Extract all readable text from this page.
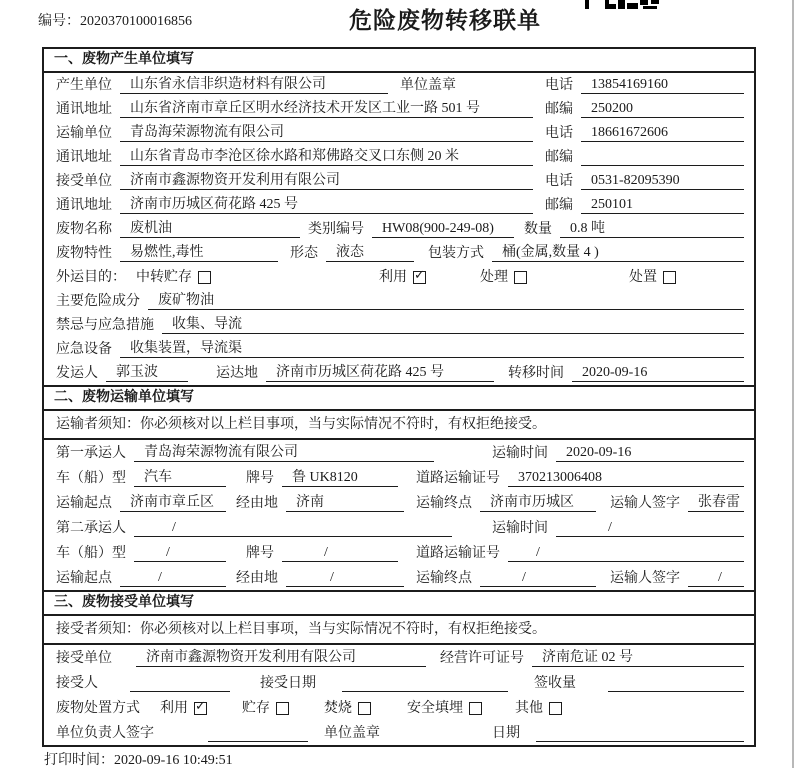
编号：2020370100016856	危险废物转移联单
一、废物产生单位填写
产生单位	山东省永信非织造材料有限公司	单位盖章	电话	13854169160
通讯地址	山东省济南市章丘区明水经济技术开发区工业一路 501 号	邮编	250200
运输单位	青岛海荣源物流有限公司	电话	18661672606
通讯地址	山东省青岛市李沧区徐水路和郑佛路交叉口东侧 20 米	邮编
接受单位	济南市鑫源物资开发利用有限公司	电话	0531-82095390
通讯地址	济南市历城区荷花路 425 号	邮编	250101
废物名称	废机油	类别编号	HW08(900-249-08)	数量	0.8 吨
废物特性	易燃性,毒性	形态	液态	包装方式	桶(金属,数量 4 )
外运目的： 中转贮存	利用 ✓	处理	处置
主要危险成分	废矿物油
禁忌与应急措施	收集、导流
应急设备	收集装置，导流渠
发运人	郭玉波	运达地	济南市历城区荷花路 425 号	转移时间	2020-09-16
二、废物运输单位填写
运输者须知：你必须核对以上栏目事项，当与实际情况不符时，有权拒绝接受。
第一承运人	青岛海荣源物流有限公司	运输时间	2020-09-16
车（船）型	汽车	牌号	鲁 UK8120	道路运输证号	370213006408
运输起点	济南市章丘区	经由地	济南	运输终点	济南市历城区	运输人签字	张春雷
第二承运人	/	运输时间	/
车（船）型	/	牌号	/	道路运输证号	/
运输起点	/	经由地	/	运输终点	/	运输人签字	/
三、废物接受单位填写
接受者须知：你必须核对以上栏目事项，当与实际情况不符时，有权拒绝接受。
接受单位	济南市鑫源物资开发利用有限公司	经营许可证号	济南危证 02 号
接受人	接受日期	签收量
废物处置方式	利用 ✓	贮存	焚烧	安全填埋	其他
单位负责人签字	单位盖章	日期
打印时间：2020-09-16 10:49:51
